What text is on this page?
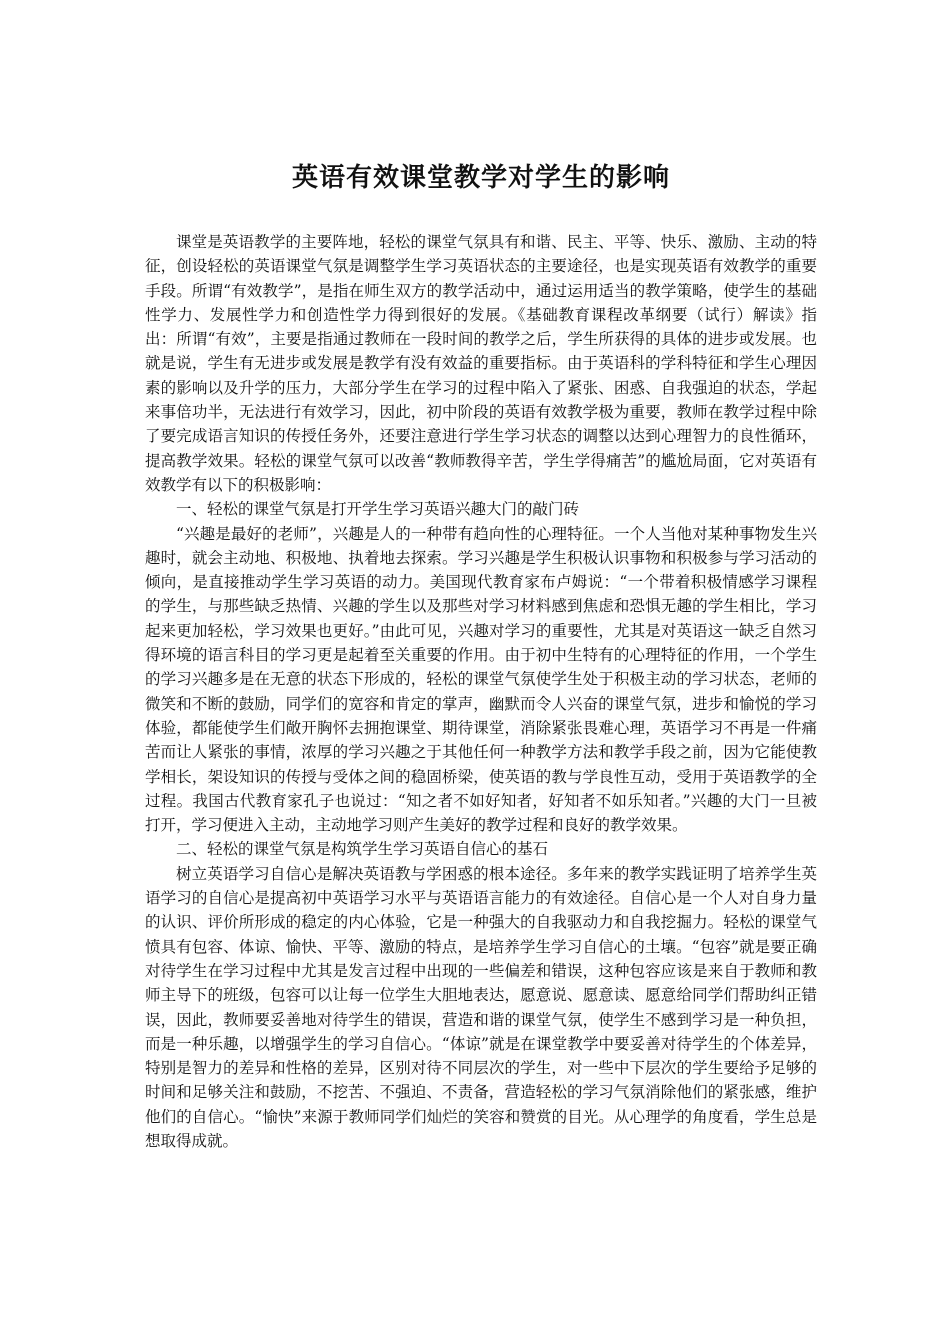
英语有效课堂教学对学生的影响

课堂是英语教学的主要阵地，轻松的课堂气氛具有和谐、民主、平等、快乐、激励、主动的特征，创设轻松的英语课堂气氛是调整学生学习英语状态的主要途径，也是实现英语有效教学的重要手段。所谓“有效教学”，是指在师生双方的教学活动中，通过运用适当的教学策略，使学生的基础性学力、发展性学力和创造性学力得到很好的发展。《基础教育课程改革纲要（试行）解读》指出：所谓“有效”，主要是指通过教师在一段时间的教学之后，学生所获得的具体的进步或发展。也就是说，学生有无进步或发展是教学有没有效益的重要指标。由于英语科的学科特征和学生心理因素的影响以及升学的压力，大部分学生在学习的过程中陷入了紧张、困惑、自我强迫的状态，学起来事倍功半，无法进行有效学习，因此，初中阶段的英语有效教学极为重要，教师在教学过程中除了要完成语言知识的传授任务外，还要注意进行学生学习状态的调整以达到心理智力的良性循环，提高教学效果。轻松的课堂气氛可以改善“教师教得辛苦，学生学得痛苦”的尴尬局面，它对英语有效教学有以下的积极影响：

一、轻松的课堂气氛是打开学生学习英语兴趣大门的敲门砖

“兴趣是最好的老师”，兴趣是人的一种带有趋向性的心理特征。一个人当他对某种事物发生兴趣时，就会主动地、积极地、执着地去探索。学习兴趣是学生积极认识事物和积极参与学习活动的倾向，是直接推动学生学习英语的动力。美国现代教育家布卢姆说：“一个带着积极情感学习课程的学生，与那些缺乏热情、兴趣的学生以及那些对学习材料感到焦虑和恐惧无趣的学生相比，学习起来更加轻松，学习效果也更好。”由此可见，兴趣对学习的重要性，尤其是对英语这一缺乏自然习得环境的语言科目的学习更是起着至关重要的作用。由于初中生特有的心理特征的作用，一个学生的学习兴趣多是在无意的状态下形成的，轻松的课堂气氛使学生处于积极主动的学习状态，老师的微笑和不断的鼓励，同学们的宽容和肯定的掌声，幽默而令人兴奋的课堂气氛，进步和愉悦的学习体验，都能使学生们敞开胸怀去拥抱课堂、期待课堂，消除紧张畏难心理，英语学习不再是一件痛苦而让人紧张的事情，浓厚的学习兴趣之于其他任何一种教学方法和教学手段之前，因为它能使教学相长，架设知识的传授与受体之间的稳固桥梁，使英语的教与学良性互动，受用于英语教学的全过程。我国古代教育家孔子也说过：“知之者不如好知者，好知者不如乐知者。”兴趣的大门一旦被打开，学习便进入主动，主动地学习则产生美好的教学过程和良好的教学效果。

二、轻松的课堂气氛是构筑学生学习英语自信心的基石

树立英语学习自信心是解决英语教与学困惑的根本途径。多年来的教学实践证明了培养学生英语学习的自信心是提高初中英语学习水平与英语语言能力的有效途径。自信心是一个人对自身力量的认识、评价所形成的稳定的内心体验，它是一种强大的自我驱动力和自我挖掘力。轻松的课堂气愤具有包容、体谅、愉快、平等、激励的特点，是培养学生学习自信心的土壤。“包容”就是要正确对待学生在学习过程中尤其是发言过程中出现的一些偏差和错误，这种包容应该是来自于教师和教师主导下的班级，包容可以让每一位学生大胆地表达，愿意说、愿意读、愿意给同学们帮助纠正错误，因此，教师要妥善地对待学生的错误，营造和谐的课堂气氛，使学生不感到学习是一种负担，而是一种乐趣，以增强学生的学习自信心。“体谅”就是在课堂教学中要妥善对待学生的个体差异，特别是智力的差异和性格的差异，区别对待不同层次的学生，对一些中下层次的学生要给予足够的时间和足够关注和鼓励，不挖苦、不强迫、不责备，营造轻松的学习气氛消除他们的紧张感，维护他们的自信心。“愉快”来源于教师同学们灿烂的笑容和赞赏的目光。从心理学的角度看，学生总是想取得成就。
